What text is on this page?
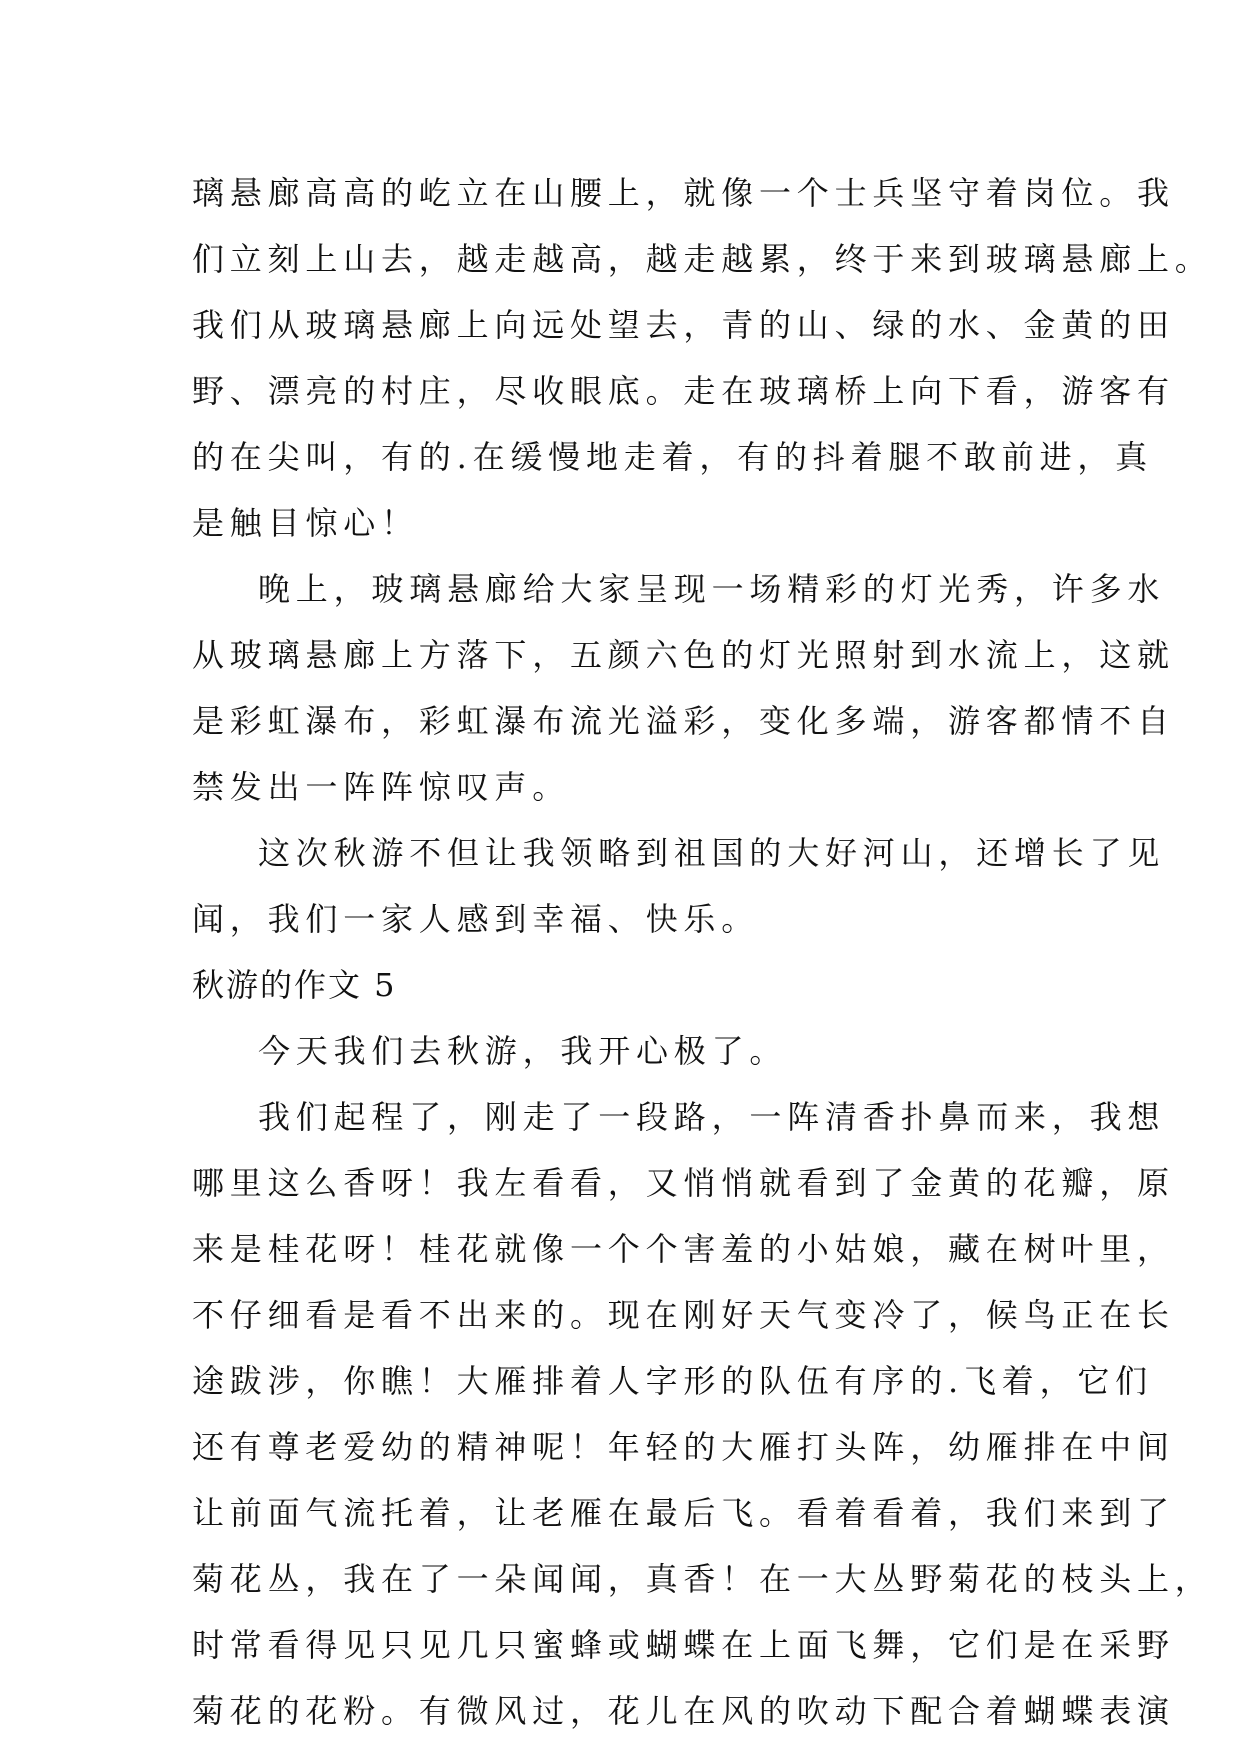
璃悬廊高高的屹立在山腰上，就像一个士兵坚守着岗位。我
们立刻上山去，越走越高，越走越累，终于来到玻璃悬廊上。
我们从玻璃悬廊上向远处望去，青的山、绿的水、金黄的田
野、漂亮的村庄，尽收眼底。走在玻璃桥上向下看，游客有
的在尖叫，有的.在缓慢地走着，有的抖着腿不敢前进，真
是触目惊心！
晚上，玻璃悬廊给大家呈现一场精彩的灯光秀，许多水
从玻璃悬廊上方落下，五颜六色的灯光照射到水流上，这就
是彩虹瀑布，彩虹瀑布流光溢彩，变化多端，游客都情不自
禁发出一阵阵惊叹声。
这次秋游不但让我领略到祖国的大好河山，还增长了见
闻，我们一家人感到幸福、快乐。
秋游的作文 5
今天我们去秋游，我开心极了。
我们起程了，刚走了一段路，一阵清香扑鼻而来，我想
哪里这么香呀！我左看看，又悄悄就看到了金黄的花瓣，原
来是桂花呀！桂花就像一个个害羞的小姑娘，藏在树叶里，
不仔细看是看不出来的。现在刚好天气变冷了，候鸟正在长
途跋涉，你瞧！大雁排着人字形的队伍有序的.飞着，它们
还有尊老爱幼的精神呢！年轻的大雁打头阵，幼雁排在中间
让前面气流托着，让老雁在最后飞。看着看着，我们来到了
菊花丛，我在了一朵闻闻，真香！在一大丛野菊花的枝头上，
时常看得见只见几只蜜蜂或蝴蝶在上面飞舞，它们是在采野
菊花的花粉。有微风过，花儿在风的吹动下配合着蝴蝶表演
